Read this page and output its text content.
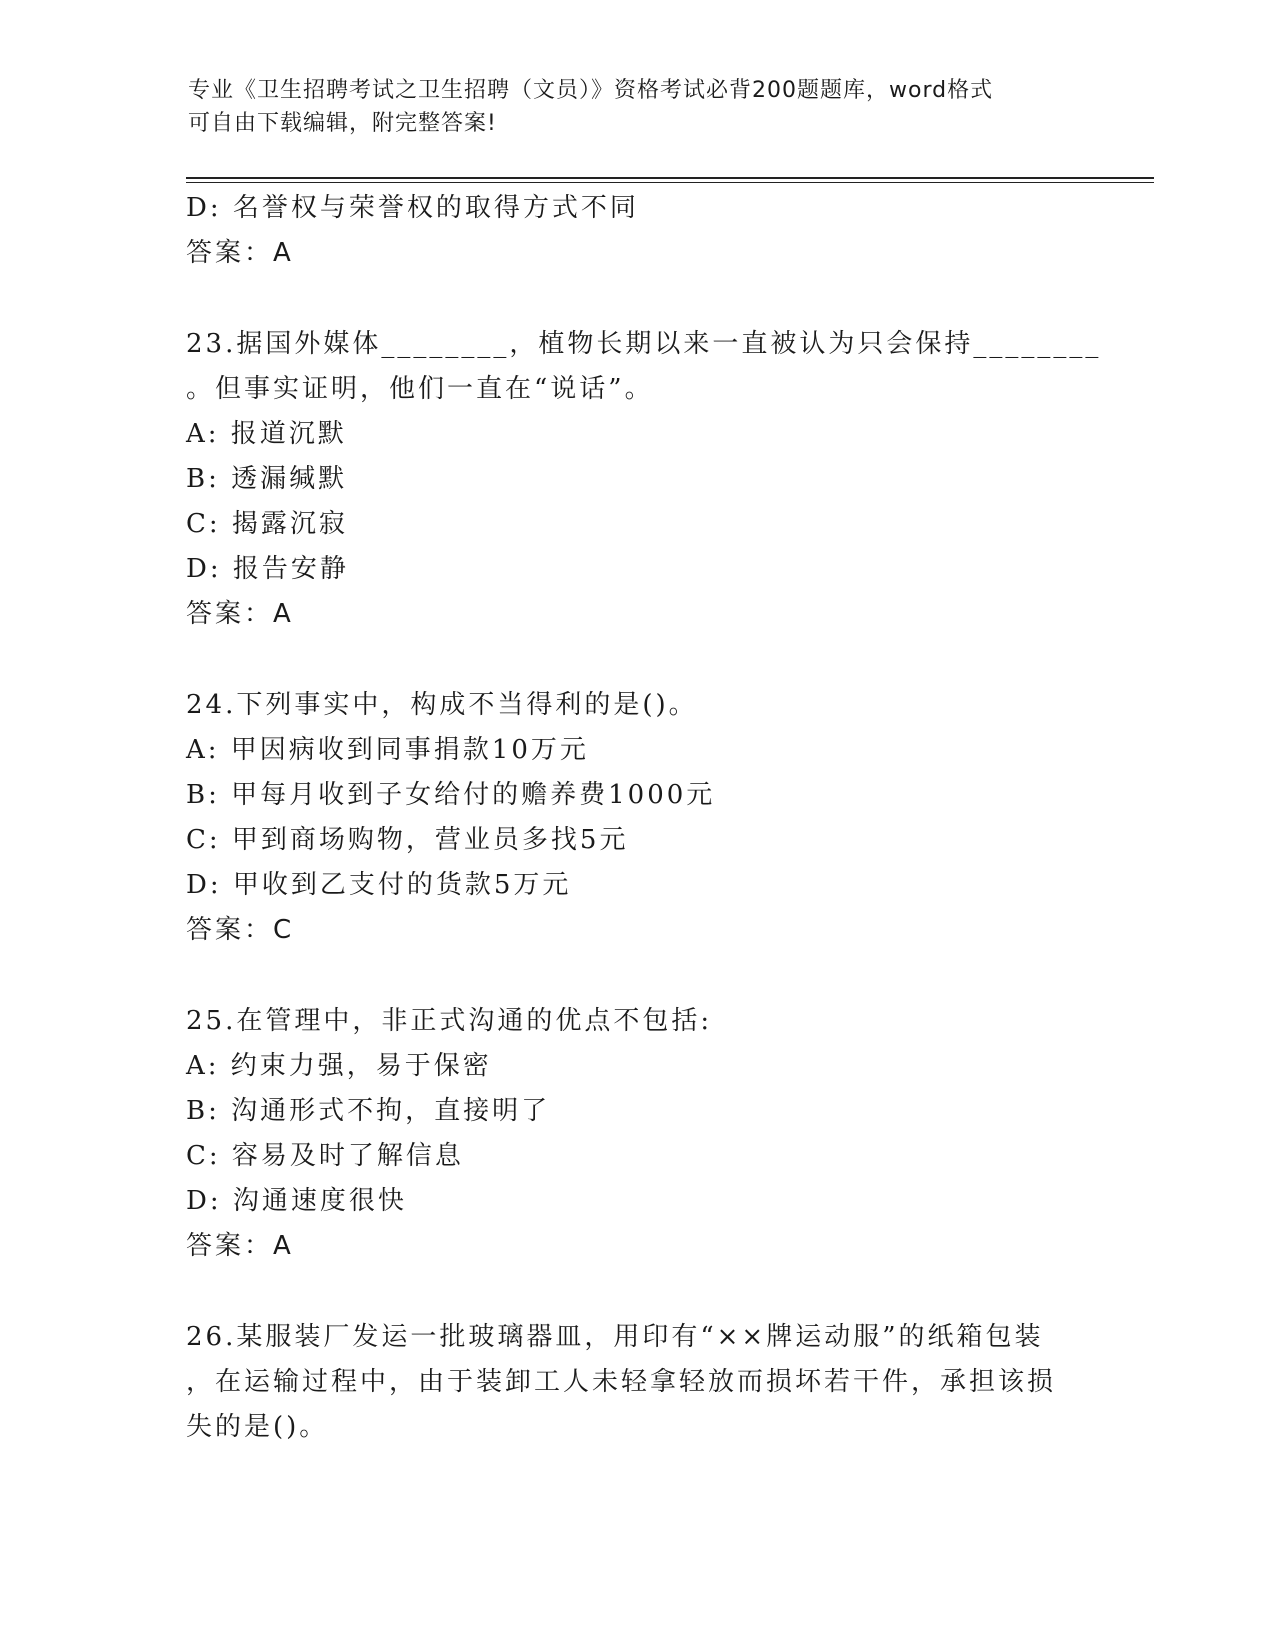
专业《卫生招聘考试之卫生招聘（文员）》资格考试必背200题题库，word格式
可自由下载编辑，附完整答案!
D: 名誉权与荣誉权的取得方式不同
答案：A
23.据国外媒体________，植物长期以来一直被认为只会保持________
。但事实证明，他们一直在“说话”。
A: 报道沉默
B: 透漏缄默
C: 揭露沉寂
D: 报告安静
答案：A
24.下列事实中，构成不当得利的是()。
A: 甲因病收到同事捐款10万元
B: 甲每月收到子女给付的赡养费1000元
C: 甲到商场购物，营业员多找5元
D: 甲收到乙支付的货款5万元
答案：C
25.在管理中，非正式沟通的优点不包括:
A: 约束力强，易于保密
B: 沟通形式不拘，直接明了
C: 容易及时了解信息
D: 沟通速度很快
答案：A
26.某服装厂发运一批玻璃器皿，用印有“××牌运动服”的纸箱包装
，在运输过程中，由于装卸工人未轻拿轻放而损坏若干件，承担该损
失的是()。
